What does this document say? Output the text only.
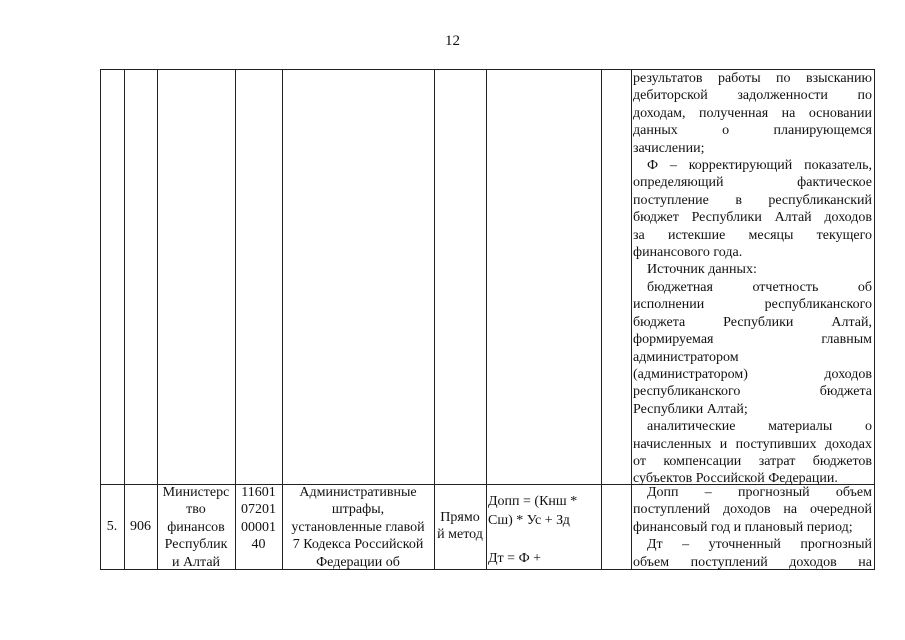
12
результатов работы по взысканию
дебиторской задолженности по
доходам, полученная на основании
данных о планирующемся
зачислении;
Ф – корректирующий показатель,
определяющий фактическое
поступление в республиканский
бюджет Республики Алтай доходов
за истекшие месяцы текущего
финансового года.
Источник данных:
бюджетная отчетность об
исполнении республиканского
бюджета Республики Алтай,
формируемая главным
администратором
(администратором) доходов
республиканского бюджета
Республики Алтай;
аналитические материалы о
начисленных и поступивших доходах
от компенсации затрат бюджетов
субъектов Российской Федерации.
5. 906
Министерс
тво
финансов
Республик
и Алтай
11601
07201
00001
40
Административные
штрафы,
установленные главой
7 Кодекса Российской
Федерации об
Прямо
й метод
Допп = (Кнш *
Сш) * Ус + Зд

Дт = Ф +
Допп – прогнозный объем
поступлений доходов на очередной
финансовый год и плановый период;
Дт – уточненный прогнозный
объем поступлений доходов на
